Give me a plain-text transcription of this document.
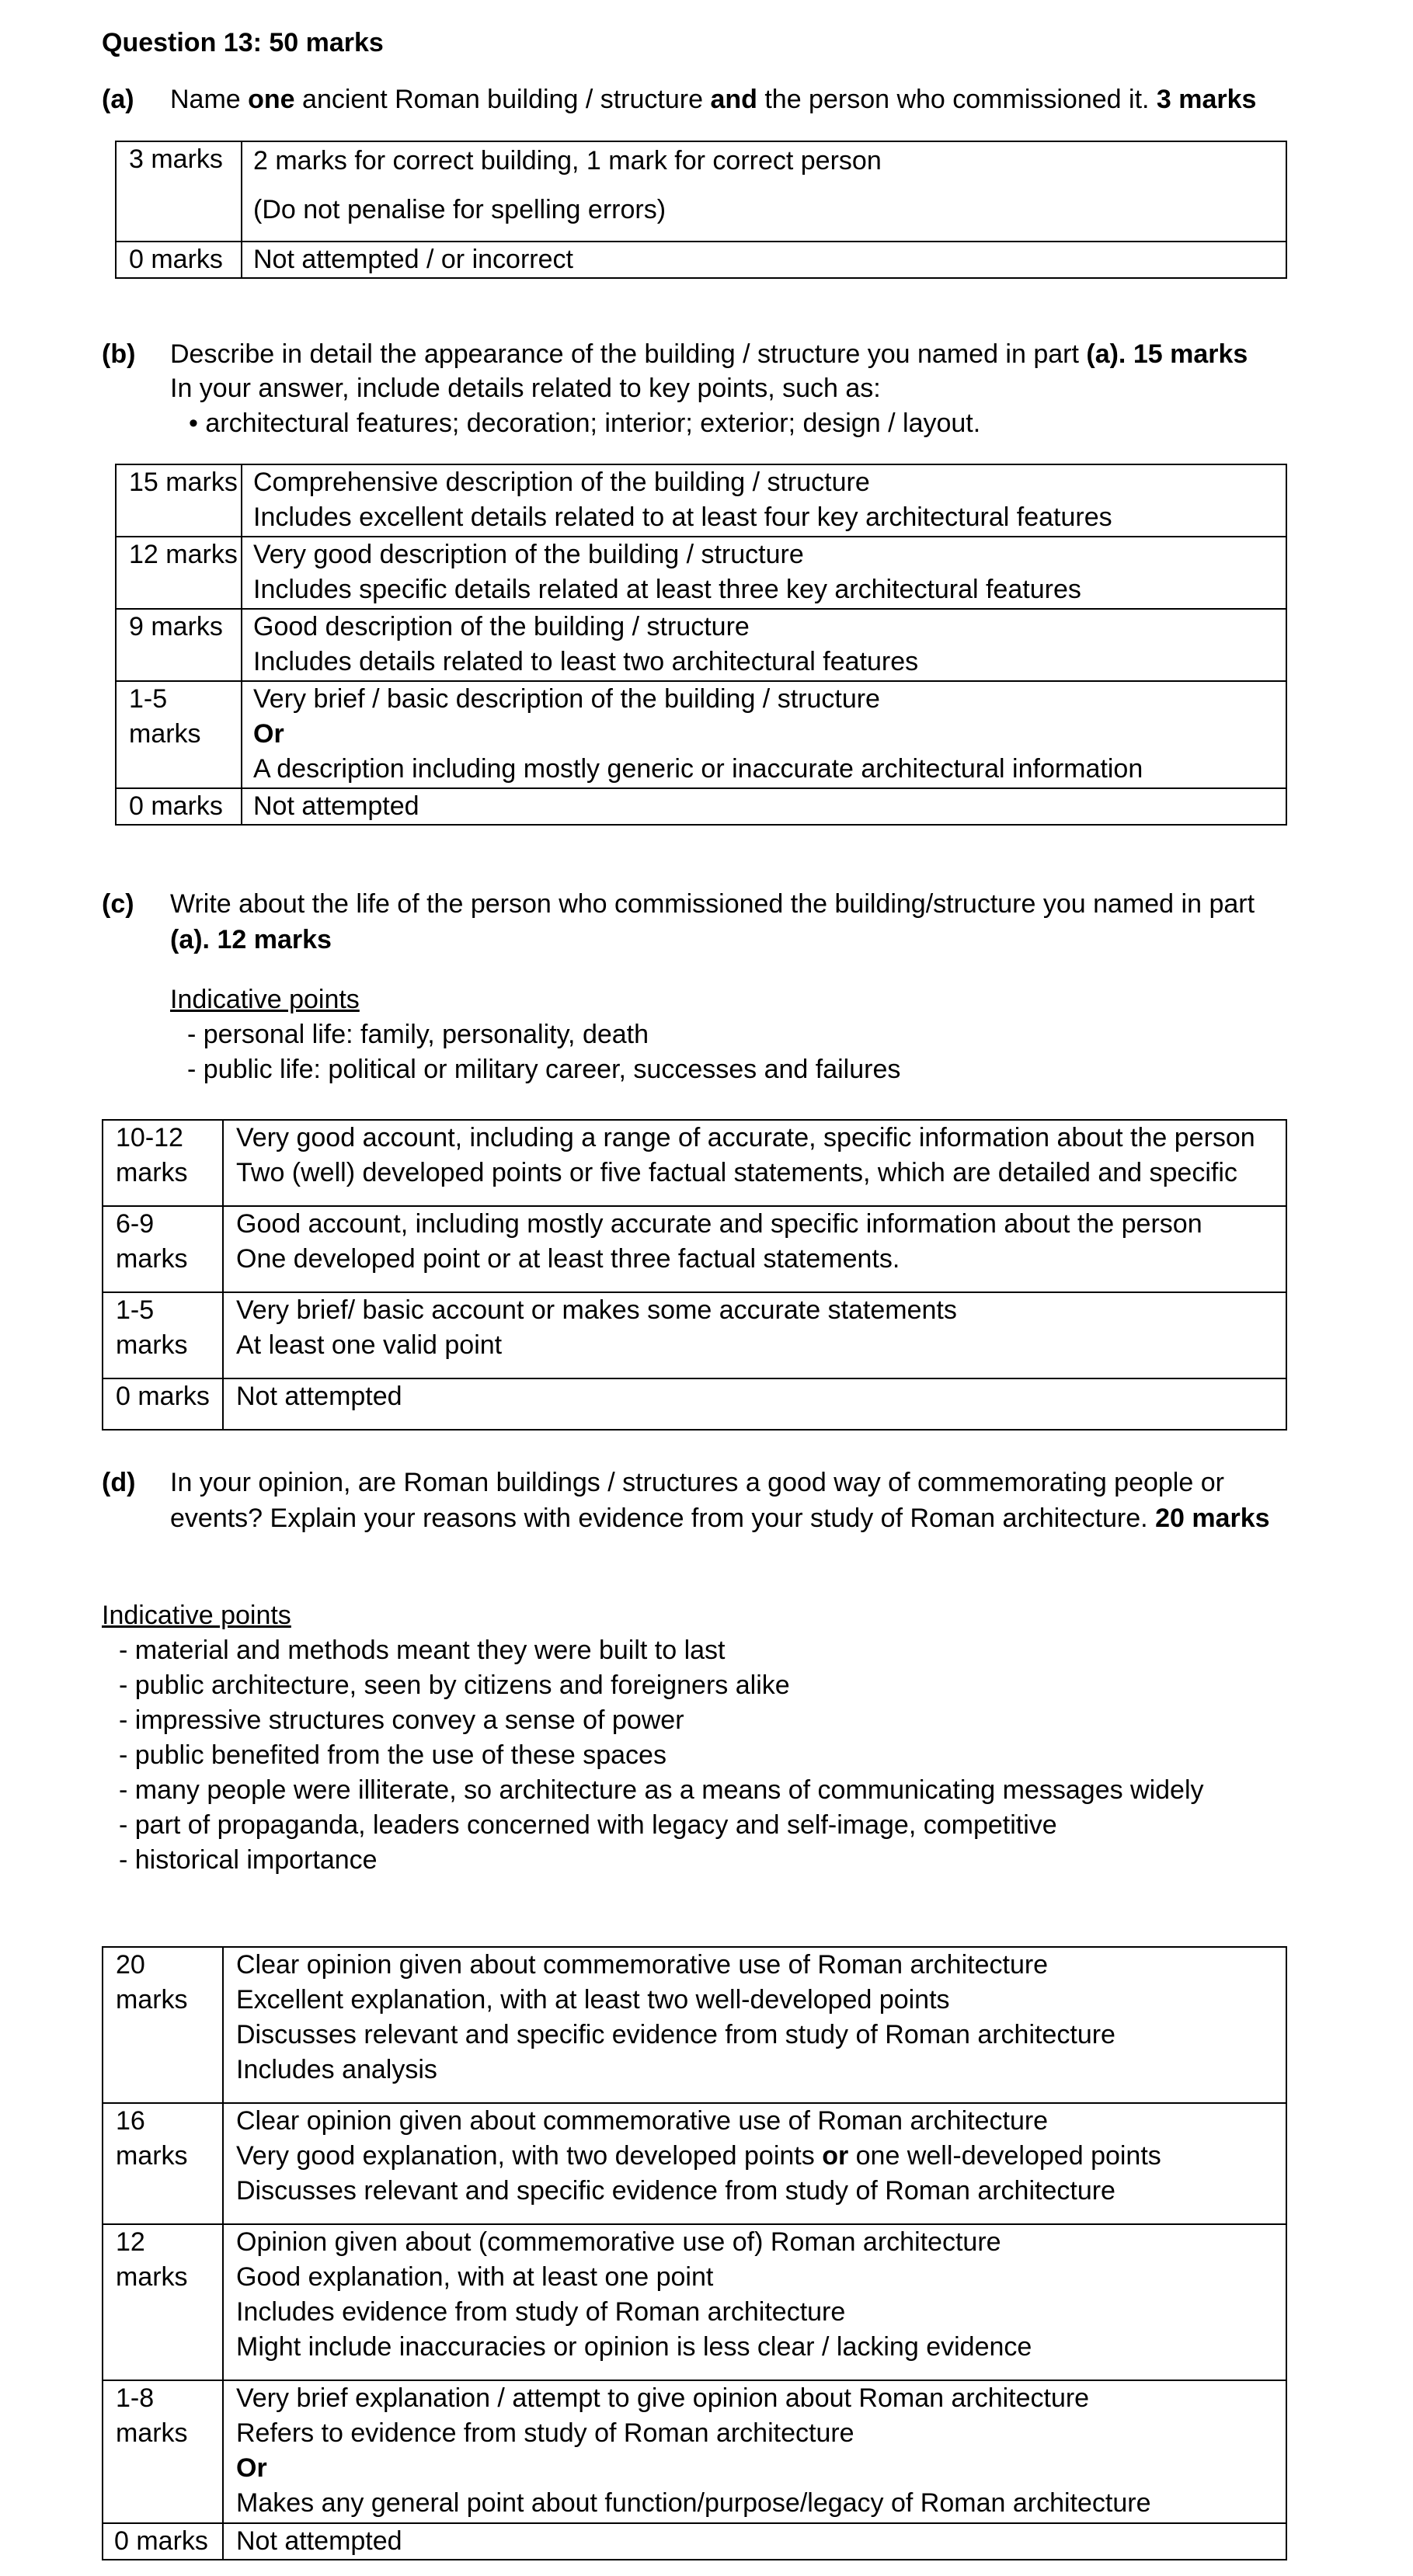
Question 13: 50 marks
(a) Name one ancient Roman building / structure and the person who commissioned it. 3 marks
3 marks	2 marks for correct building, 1 mark for correct person
(Do not penalise for spelling errors)

0 marks	Not attempted / or incorrect
(b) Describe in detail the appearance of the building / structure you named in part (a). 15 marks
In your answer, include details related to key points, such as:
• architectural features; decoration; interior; exterior; design / layout.
15 marks	Comprehensive description of the building / structure
Includes excellent details related to at least four key architectural features

12 marks	Very good description of the building / structure
Includes specific details related at least three key architectural features

9 marks	Good description of the building / structure
Includes details related to least two architectural features

1-5 marks	Very brief / basic description of the building / structure
Or
A description including mostly generic or inaccurate architectural information

0 marks	Not attempted
(c) Write about the life of the person who commissioned the building/structure you named in part
(a). 12 marks
Indicative points
- personal life: family, personality, death
- public life: political or military career, successes and failures
10-12 marks	Very good account, including a range of accurate, specific information about the person
Two (well) developed points or five factual statements, which are detailed and specific

6-9 marks	Good account, including mostly accurate and specific information about the person
One developed point or at least three factual statements.

1-5 marks	Very brief/ basic account or makes some accurate statements
At least one valid point

0 marks	Not attempted
(d) In your opinion, are Roman buildings / structures a good way of commemorating people or
events? Explain your reasons with evidence from your study of Roman architecture. 20 marks
Indicative points
- material and methods meant they were built to last
- public architecture, seen by citizens and foreigners alike
- impressive structures convey a sense of power
- public benefited from the use of these spaces
- many people were illiterate, so architecture as a means of communicating messages widely
- part of propaganda, leaders concerned with legacy and self-image, competitive
- historical importance
20 marks	Clear opinion given about commemorative use of Roman architecture
Excellent explanation, with at least two well-developed points
Discusses relevant and specific evidence from study of Roman architecture
Includes analysis

16 marks	Clear opinion given about commemorative use of Roman architecture
Very good explanation, with two developed points or one well-developed points
Discusses relevant and specific evidence from study of Roman architecture

12 marks	Opinion given about (commemorative use of) Roman architecture
Good explanation, with at least one point
Includes evidence from study of Roman architecture
Might include inaccuracies or opinion is less clear / lacking evidence

1-8 marks	Very brief explanation / attempt to give opinion about Roman architecture
Refers to evidence from study of Roman architecture
Or
Makes any general point about function/purpose/legacy of Roman architecture

0 marks	Not attempted
